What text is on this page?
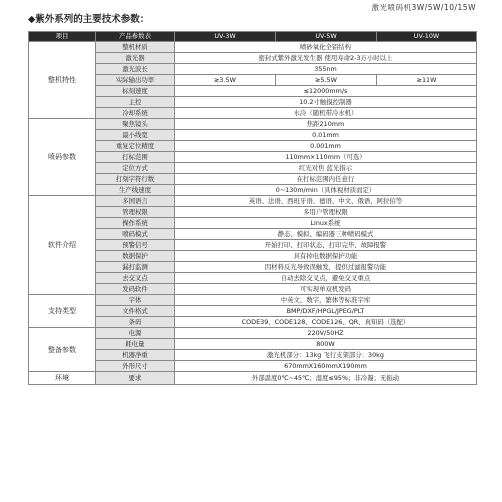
激光喷码机3W/5W/10/15W
◆紫外系列的主要技术参数：
项目	产品参数表	UV-3W	UV-5W	UV-10W
整机特性	整机材质	喷砂氧化全铝结构		
	激光器	密封式紫外激光发生器 使用寿命2-3万小时以上		
	激光波长	355nm		
	实际输出功率	≥3.5W	≥5.5W	≥11W
	标刻速度	≤12000mm/s		
	主控	10.2寸触摸控制器		
	冷却系统	水冷（随机带冷水机）		
喷码参数	聚焦镜头	焦距210mm		
	最小线宽	0.01mm		
	重复定位精度	0.001mm		
	打标范围	110mm×110mm（可选）		
	定位方式	红光对焦 蓝光指示		
	打刻字符行数	在打标范围内任意行		
	生产线速度	0~130m/min（具体视材质而定）		
软件介绍	多国语言	英语、法语、西班牙语、德语、中文、俄语、阿拉伯等		
	管理权限	多用户管理权限		
	操作系统	Linux系统		
	喷码模式	静态、模拟、编码器三种喷码模式		
	预警信号	开始打印、打印状态、打印完毕、故障报警		
	数据保护	具有掉电数据保护功能		
	漏打监测	因材料反光导致误触发，提供过滤报警功能		
	去交叉点	自动去除交叉点，避免交叉重点		
	发码软件	可实现单双机发码		
支持类型	字体	中英文，数字，繁体等标准字库		
	文件格式	BMP/DXF/HPGL/JPEG/PLT		
	条码	CODE39、CODE128、CODE126、QR、真知码（选配）		
整备参数	电源	220V/50HZ		
	耗电量	800W		
	机器净重	激光机部分：13kg 飞行支架部分：30kg		
	外形尺寸	670mmX160mmX190mm		
环境	要求	外部温度0℃~45℃；湿度≤95%；非冷凝；无振动		
